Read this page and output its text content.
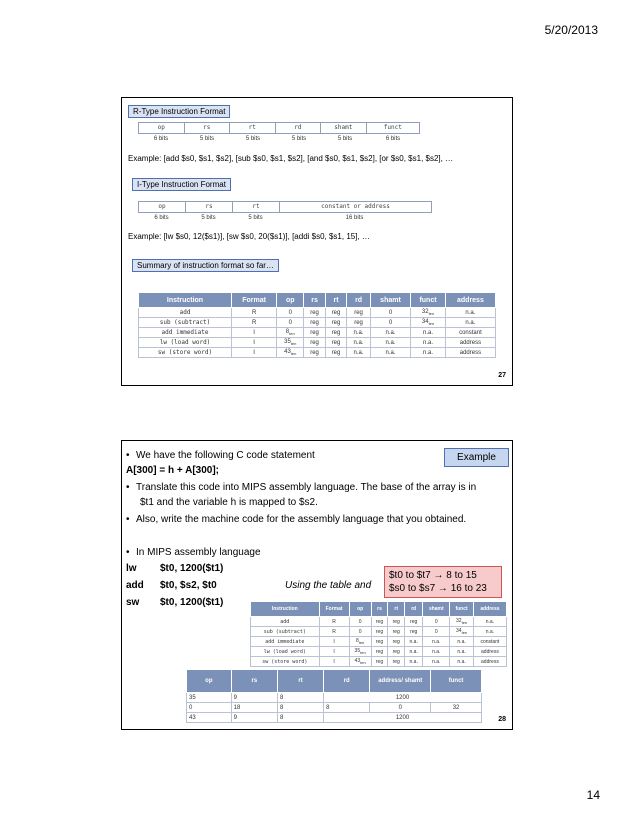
5/20/2013
R-Type Instruction Format
op	rs	rt	rd	shamt	funct
6 bits	5 bits	5 bits	5 bits	5 bits	6 bits
Example: [add $s0, $s1, $s2], [sub $s0, $s1, $s2], [and $s0, $s1, $s2], [or $s0, $s1, $s2], …
I-Type Instruction Format
op	rs	rt	constant or address
6 bits	5 bits	5 bits	16 bits
Example: [lw $s0, 12($s1)], [sw $s0, 20($s1)], [addi $s0, $s1, 15], …
Summary of instruction format so far…
Instruction	Format	op	rs	rt	rd	shamt	funct	address
add	R	0	reg	reg	reg	0	$32_{ten}$	n.a.
sub (subtract)	R	0	reg	reg	reg	0	$34_{ten}$	n.a.
add immediate	I	$8_{ten}$	reg	reg	n.a.	n.a.	n.a.	constant
lw (load word)	I	$35_{ten}$	reg	reg	n.a.	n.a.	n.a.	address
sw (store word)	I	$43_{ten}$	reg	reg	n.a.	n.a.	n.a.	address
27
Example
• We have the following C code statement
A[300] = h + A[300];
• Translate this code into MIPS assembly language. The base of the array is in
$t1 and the variable h is mapped to $s2.
• Also, write the machine code for the assembly language that you obtained.
• In MIPS assembly language
lw $t0, 1200($t1)
add $t0, $s2, $t0
sw $t0, 1200($t1)
Using the table and
$t0 to $t7 → 8 to 15
$s0 to $s7 → 16 to 23
Instruction	Format	op	rs	rt	rd	shamt	funct	address
add	R	0	reg	reg	reg	0	$32_{ten}$	n.a.
sub (subtract)	R	0	reg	reg	reg	0	$34_{ten}$	n.a.
add immediate	I	$8_{ten}$	reg	reg	n.a.	n.a.	n.a.	constant
lw (load word)	I	$35_{ten}$	reg	reg	n.a.	n.a.	n.a.	address
sw (store word)	I	$43_{ten}$	reg	reg	n.a.	n.a.	n.a.	address
op	rs	rt	rd	address/ shamt	funct
35	9	8	1200		
0	18	8	8	0	32
43	9	8	1200			28
14
